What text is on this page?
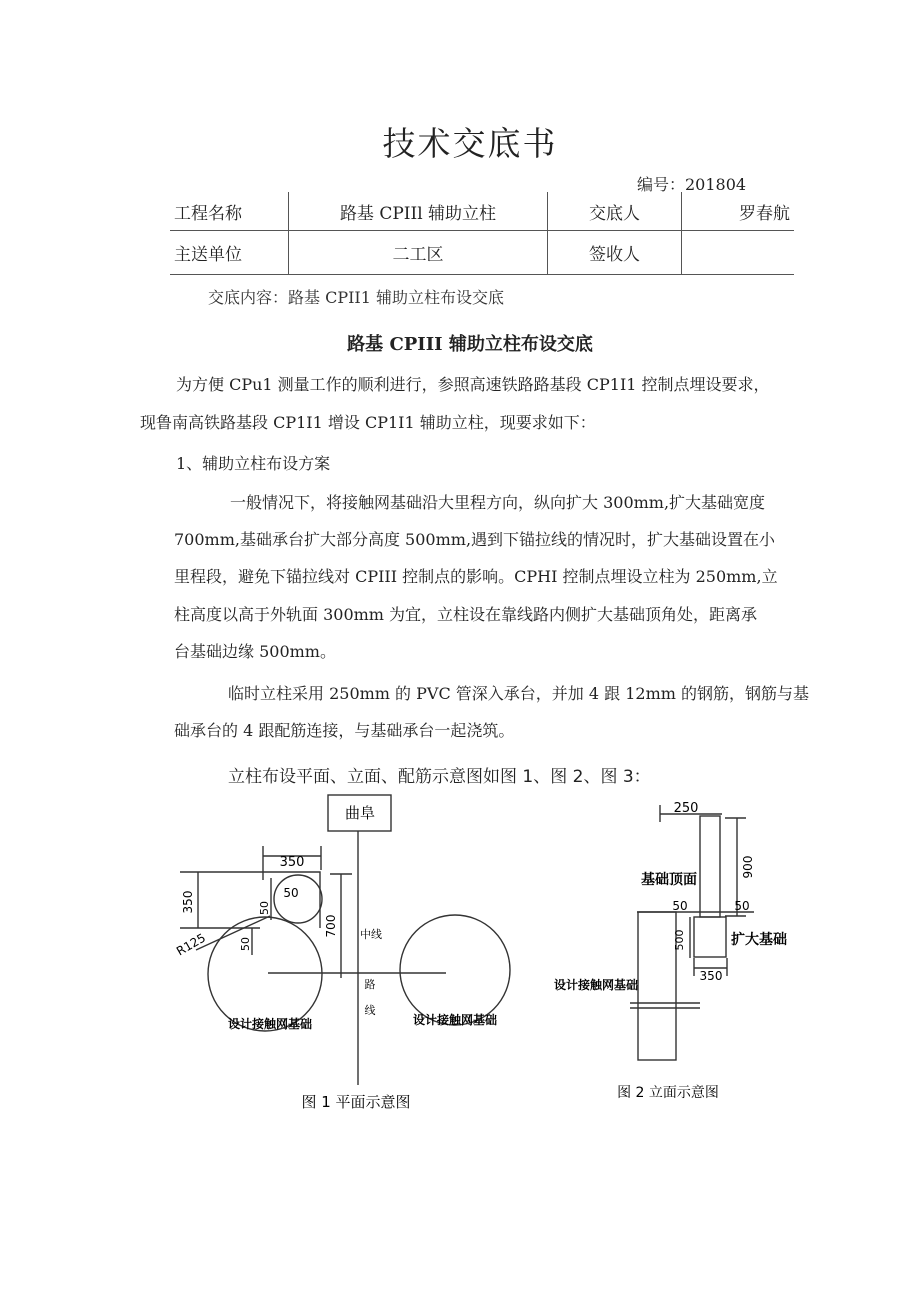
技术交底书
编号：201804
工程名称	路基 CPIIl 辅助立柱	交底人	罗春航
主送单位	二工区	签收人	
交底内容：路基 CPII1 辅助立柱布设交底
路基 CPIII 辅助立柱布设交底
为方便 CPu1 测量工作的顺利进行，参照高速铁路路基段 CP1I1 控制点埋设要求，
现鲁南高铁路基段 CP1I1 增设 CP1I1 辅助立柱，现要求如下：
1、辅助立柱布设方案
一般情况下，将接触网基础沿大里程方向，纵向扩大 300mm,扩大基础宽度
700mm,基础承台扩大部分高度 500mm,遇到下锚拉线的情况时，扩大基础设置在小
里程段，避免下锚拉线对 CPIII 控制点的影响。CPHI 控制点埋设立柱为 250mm,立
柱高度以高于外轨面 300mm 为宜，立柱设在靠线路内侧扩大基础顶角处，距离承
台基础边缘 500mm。
临时立柱采用 250mm 的 PVC 管深入承台，并加 4 跟 12mm 的钢筋，钢筋与基
础承台的 4 跟配筋连接，与基础承台一起浇筑。
立柱布设平面、立面、配筋示意图如图 1、图 2、图 3：
曲阜
350
350	50
50
50
700
R125	中线
路
线
设计接触网基础	设计接触网基础
图 1 平面示意图
250
900
基础顶面
50	50
500	扩大基础
350
设计接触网基础
图 2 立面示意图
